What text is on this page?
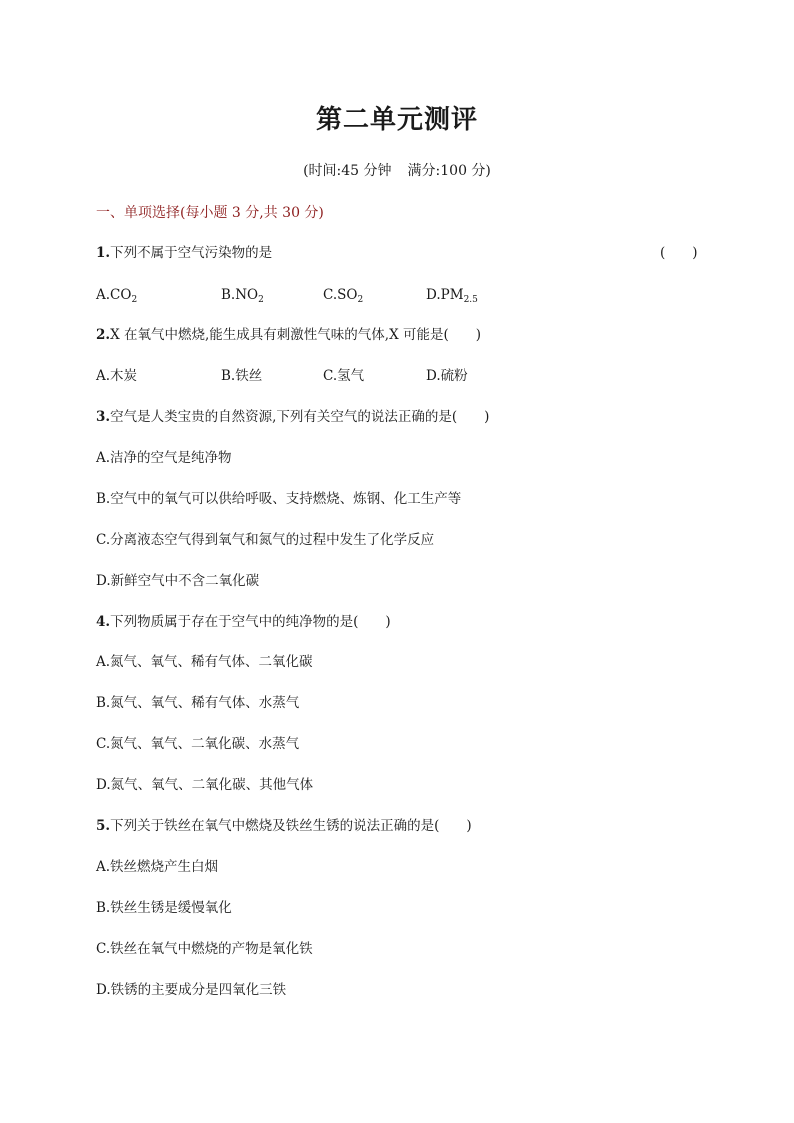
第二单元测评
(时间:45 分钟 满分:100 分)
一、单项选择(每小题 3 分,共 30 分)
1.下列不属于空气污染物的是	(　　)
$A.CO_2$	$B.NO_2$	$C.SO_2$	$D.PM_{2.5}$
2.X 在氧气中燃烧,能生成具有刺激性气味的气体,X 可能是(　　)
A.木炭	B.铁丝	C.氢气	D.硫粉
3.空气是人类宝贵的自然资源,下列有关空气的说法正确的是(　　)
A.洁净的空气是纯净物
B.空气中的氧气可以供给呼吸、支持燃烧、炼钢、化工生产等
C.分离液态空气得到氧气和氮气的过程中发生了化学反应
D.新鲜空气中不含二氧化碳
4.下列物质属于存在于空气中的纯净物的是(　　)
A.氮气、氧气、稀有气体、二氧化碳
B.氮气、氧气、稀有气体、水蒸气
C.氮气、氧气、二氧化碳、水蒸气
D.氮气、氧气、二氧化碳、其他气体
5.下列关于铁丝在氧气中燃烧及铁丝生锈的说法正确的是(　　)
A.铁丝燃烧产生白烟
B.铁丝生锈是缓慢氧化
C.铁丝在氧气中燃烧的产物是氧化铁
D.铁锈的主要成分是四氧化三铁
